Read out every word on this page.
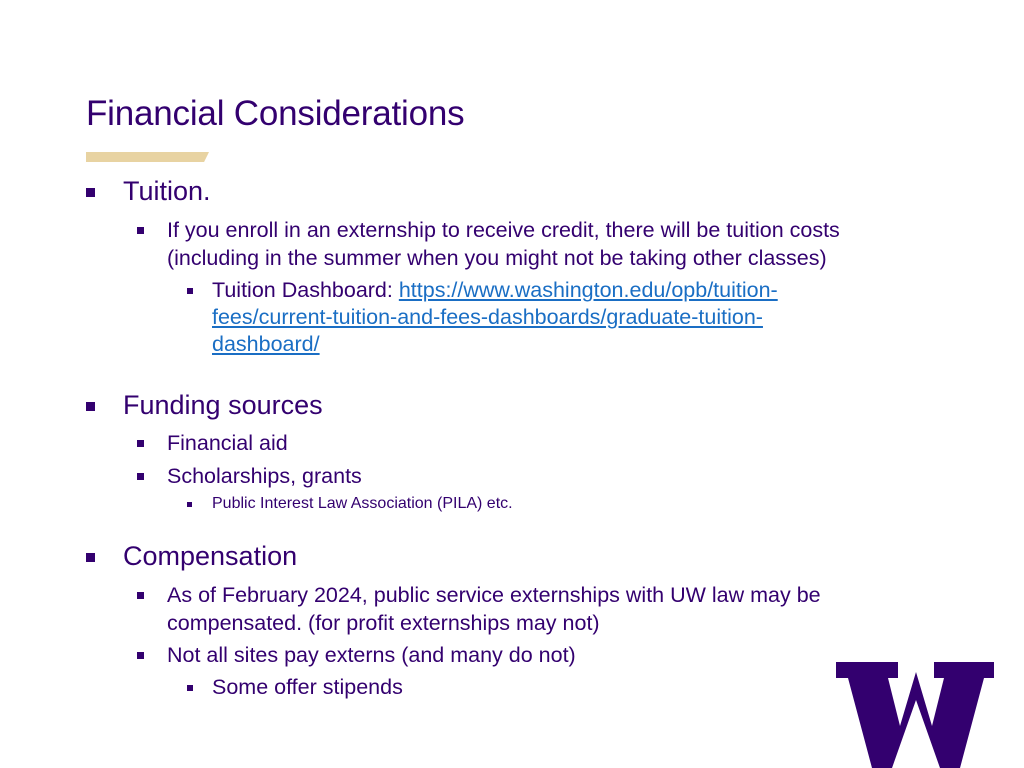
Financial Considerations
Tuition.
If you enroll in an externship to receive credit, there will be tuition costs
(including in the summer when you might not be taking other classes)
Tuition Dashboard: https://www.washington.edu/opb/tuition-
fees/current-tuition-and-fees-dashboards/graduate-tuition-
dashboard/
Funding sources
Financial aid
Scholarships, grants
Public Interest Law Association (PILA) etc.
Compensation
As of February 2024, public service externships with UW law may be
compensated. (for profit externships may not)
Not all sites pay externs (and many do not)
Some offer stipends
